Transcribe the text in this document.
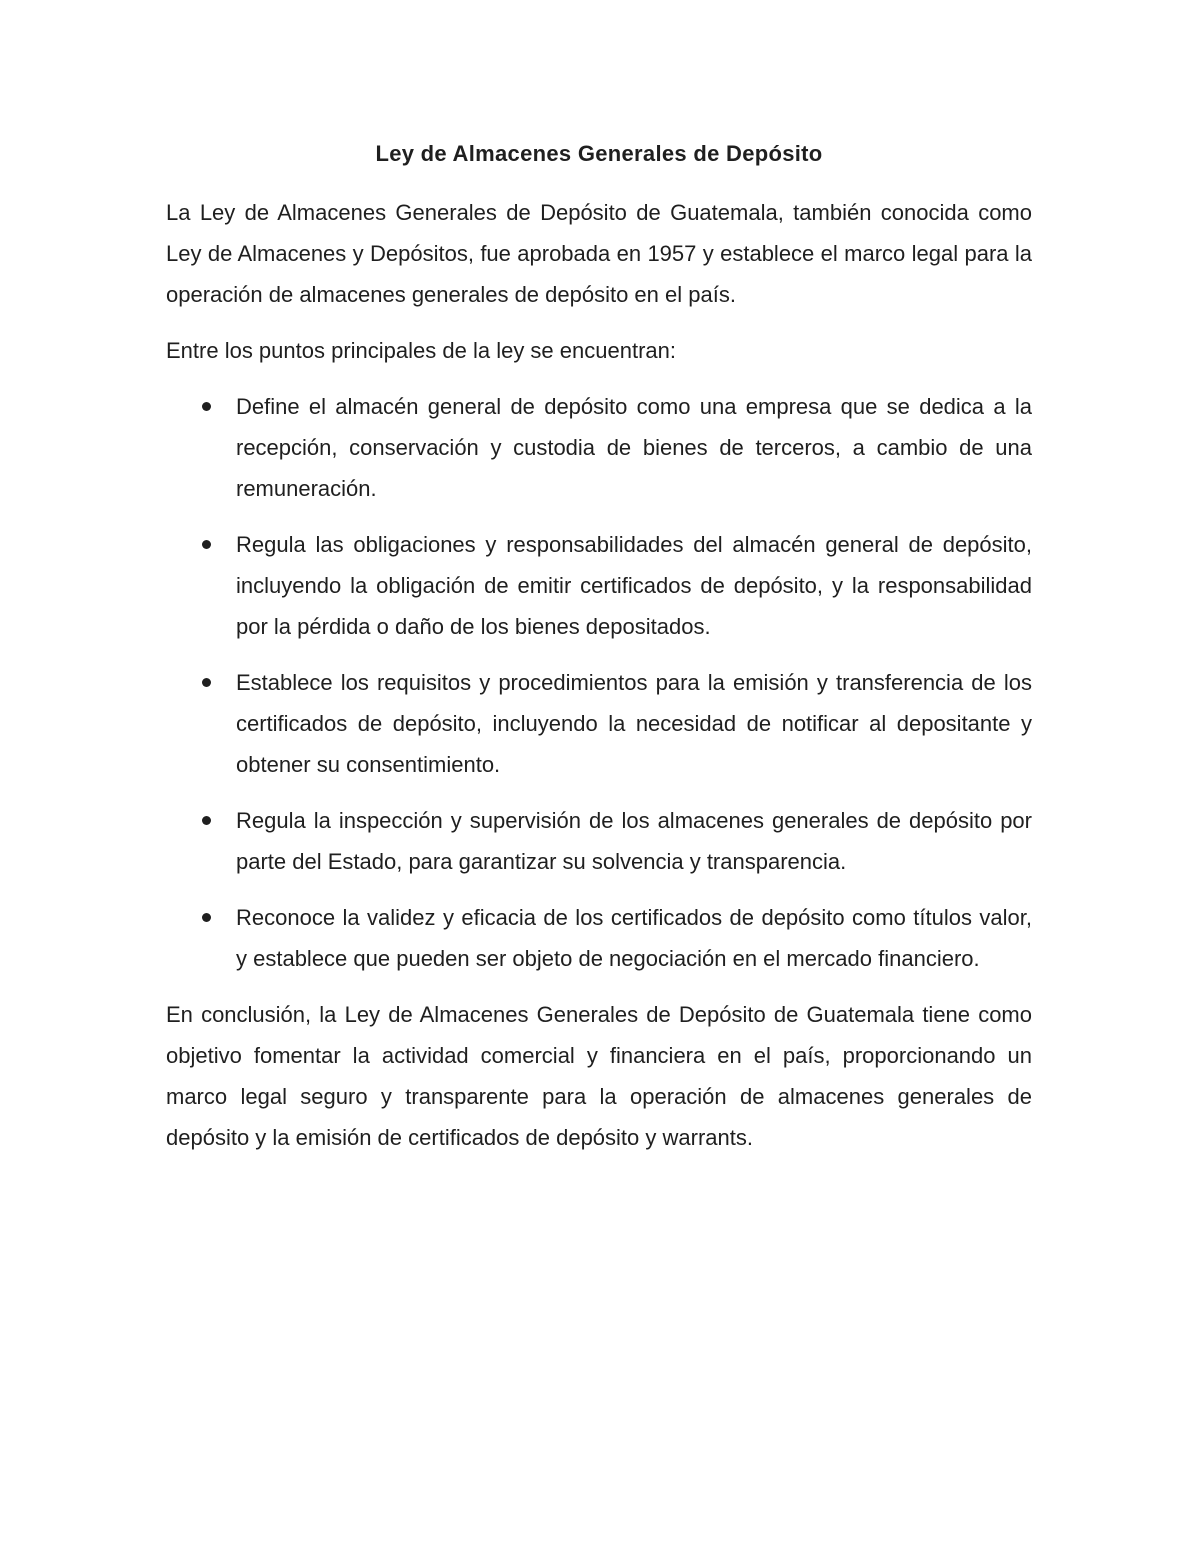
Ley de Almacenes Generales de Depósito

La Ley de Almacenes Generales de Depósito de Guatemala, también conocida como Ley de Almacenes y Depósitos, fue aprobada en 1957 y establece el marco legal para la operación de almacenes generales de depósito en el país.

Entre los puntos principales de la ley se encuentran:

Define el almacén general de depósito como una empresa que se dedica a la recepción, conservación y custodia de bienes de terceros, a cambio de una remuneración.
Regula las obligaciones y responsabilidades del almacén general de depósito, incluyendo la obligación de emitir certificados de depósito, y la responsabilidad por la pérdida o daño de los bienes depositados.
Establece los requisitos y procedimientos para la emisión y transferencia de los certificados de depósito, incluyendo la necesidad de notificar al depositante y obtener su consentimiento.
Regula la inspección y supervisión de los almacenes generales de depósito por parte del Estado, para garantizar su solvencia y transparencia.
Reconoce la validez y eficacia de los certificados de depósito como títulos valor, y establece que pueden ser objeto de negociación en el mercado financiero.

En conclusión, la Ley de Almacenes Generales de Depósito de Guatemala tiene como objetivo fomentar la actividad comercial y financiera en el país, proporcionando un marco legal seguro y transparente para la operación de almacenes generales de depósito y la emisión de certificados de depósito y warrants.
